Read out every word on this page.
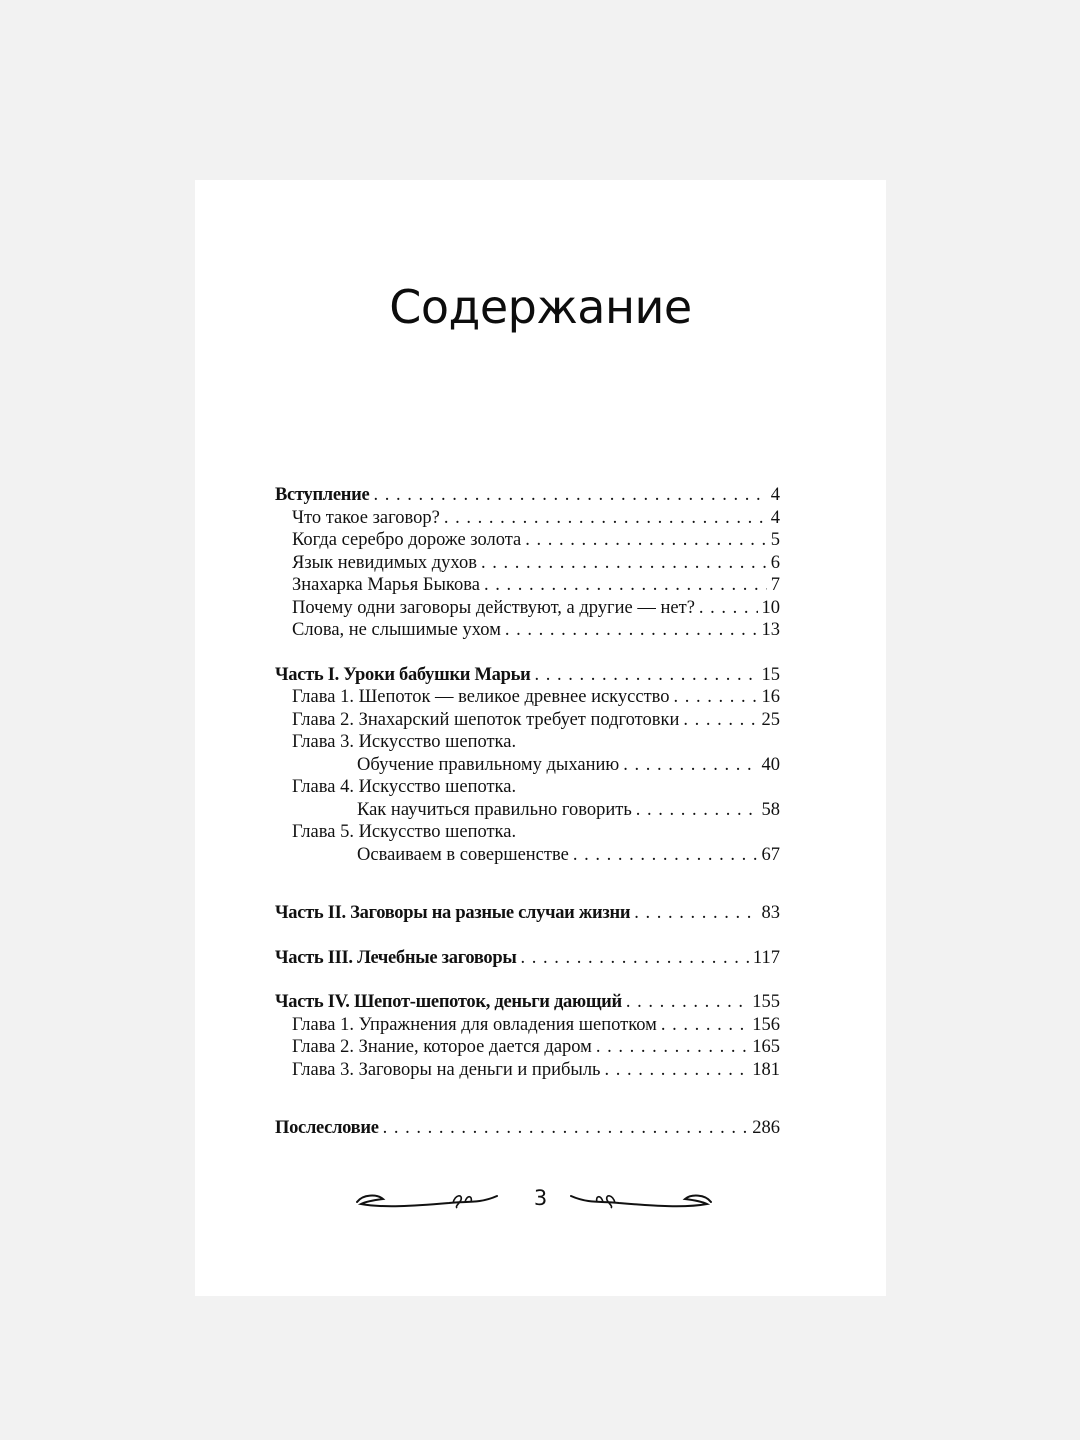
Содержание
Вступление . . .	4
Что такое заговор? . . .	4
Когда серебро дороже золота . . .	5
Язык невидимых духов . . .	6
Знахарка Марья Быкова . . .	7
Почему одни заговоры действуют, а другие — нет? . . .	10
Слова, не слышимые ухом . . .	13
Часть I. Уроки бабушки Марьи . . .	15
Глава 1. Шепоток — великое древнее искусство . . .	16
Глава 2. Знахарский шепоток требует подготовки . . .	25
Глава 3. Искусство шепотка.
Обучение правильному дыханию . . .	40
Глава 4. Искусство шепотка.
Как научиться правильно говорить . . .	58
Глава 5. Искусство шепотка.
Осваиваем в совершенстве . . .	67
Часть II. Заговоры на разные случаи жизни . . .	83
Часть III. Лечебные заговоры . . .	117
Часть IV. Шепот-шепоток, деньги дающий . . .	155
Глава 1. Упражнения для овладения шепотком . . .	156
Глава 2. Знание, которое дается даром . . .	165
Глава 3. Заговоры на деньги и прибыль . . .	181
Послесловие . . .	286
3
